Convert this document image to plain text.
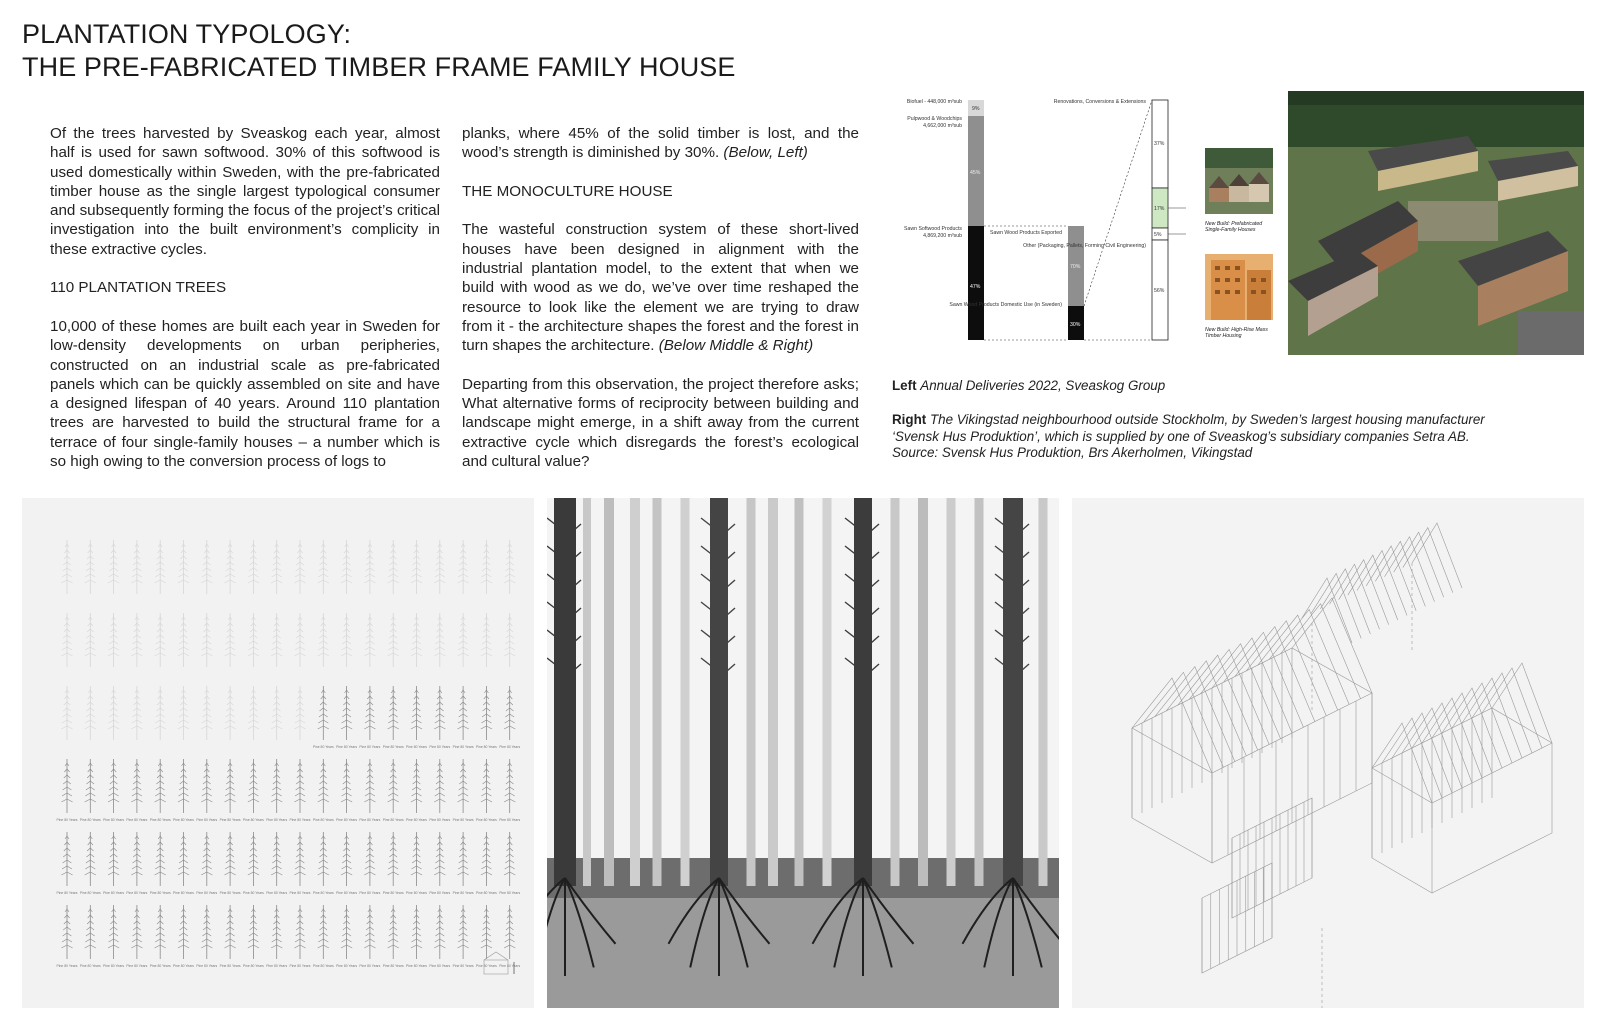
PLANTATION TYPOLOGY:
THE PRE-FABRICATED TIMBER FRAME FAMILY HOUSE

Of the trees harvested by Sveaskog each year, almost half is used for sawn softwood. 30% of this softwood is used domestically within Sweden, with the pre-fabricated timber house as the single largest typological consumer and subsequently forming the focus of the project’s critical investigation into the built environment’s complicity in these extractive cycles.

110 PLANTATION TREES

10,000 of these homes are built each year in Sweden for low-density developments on urban peripheries, constructed on an industrial scale as pre-fabricated panels which can be quickly assembled on site and have a designed lifespan of 40 years. Around 110 plantation trees are harvested to build the structural frame for a terrace of four single-family houses – a number which is so high owing to the conversion process of logs to

planks, where 45% of the solid timber is lost, and the wood’s strength is diminished by 30%. (Below, Left)

THE MONOCULTURE HOUSE

The wasteful construction system of these short-lived houses have been designed in alignment with the industrial plantation model, to the extent that when we build with wood as we do, we’ve over time reshaped the resource to look like the element we are trying to draw from it - the architecture shapes the forest and the forest in turn shapes the architecture. (Below Middle & Right)

Departing from this observation, the project therefore asks; What alternative forms of reciprocity between building and landscape might emerge, in a shift away from the current extractive cycle which disregards the forest’s ecological and cultural value?

9%
45%
47%
Biofuel - 448,000 m³sub
Pulpwood & Woodchips
4,662,000 m³sub
Sawn Softwood Products
4,869,200 m³sub
70%
30%
Sawn Wood Products Exported
Sawn Wood Products Domestic Use (in Sweden)
37%
17%
5%
56%
Renovations, Conversions & Extensions
Other (Packaging, Pallets, Forming Civil Engineering)
New Build: Prefabricated Single-Family Houses
New Build: High-Rise Mass Timber Housing
Left Annual Deliveries 2022, Sveaskog Group
Right The Vikingstad neighbourhood outside Stockholm, by Sweden’s largest housing manufacturer
‘Svensk Hus Produktion’, which is supplied by one of Sveaskog’s subsidiary companies Setra AB.
Source: Svensk Hus Produktion, Brs Akerholmen, Vikingstad
Pine 80 Years Pine 80 Years Pine 80 Years Pine 80 Years Pine 80 Years Pine 80 Years Pine 80 Years Pine 80 Years Pine 80 Years
Pine 80 Years Pine 80 Years Pine 80 Years Pine 80 Years Pine 80 Years Pine 80 Years Pine 80 Years Pine 80 Years Pine 80 Years Pine 80 Years Pine 80 Years Pine 80 Years Pine 80 Years Pine 80 Years Pine 80 Years Pine 80 Years Pine 80 Years Pine 80 Years Pine 80 Years Pine 80 Years
Pine 80 Years Pine 80 Years Pine 80 Years Pine 80 Years Pine 80 Years Pine 80 Years Pine 80 Years Pine 80 Years Pine 80 Years Pine 80 Years Pine 80 Years Pine 80 Years Pine 80 Years Pine 80 Years Pine 80 Years Pine 80 Years Pine 80 Years Pine 80 Years Pine 80 Years Pine 80 Years
Pine 80 Years Pine 80 Years Pine 80 Years Pine 80 Years Pine 80 Years Pine 80 Years Pine 80 Years Pine 80 Years Pine 80 Years Pine 80 Years Pine 80 Years Pine 80 Years Pine 80 Years Pine 80 Years Pine 80 Years Pine 80 Years Pine 80 Years Pine 80 Years Pine 80 Years Pine 80 Years
